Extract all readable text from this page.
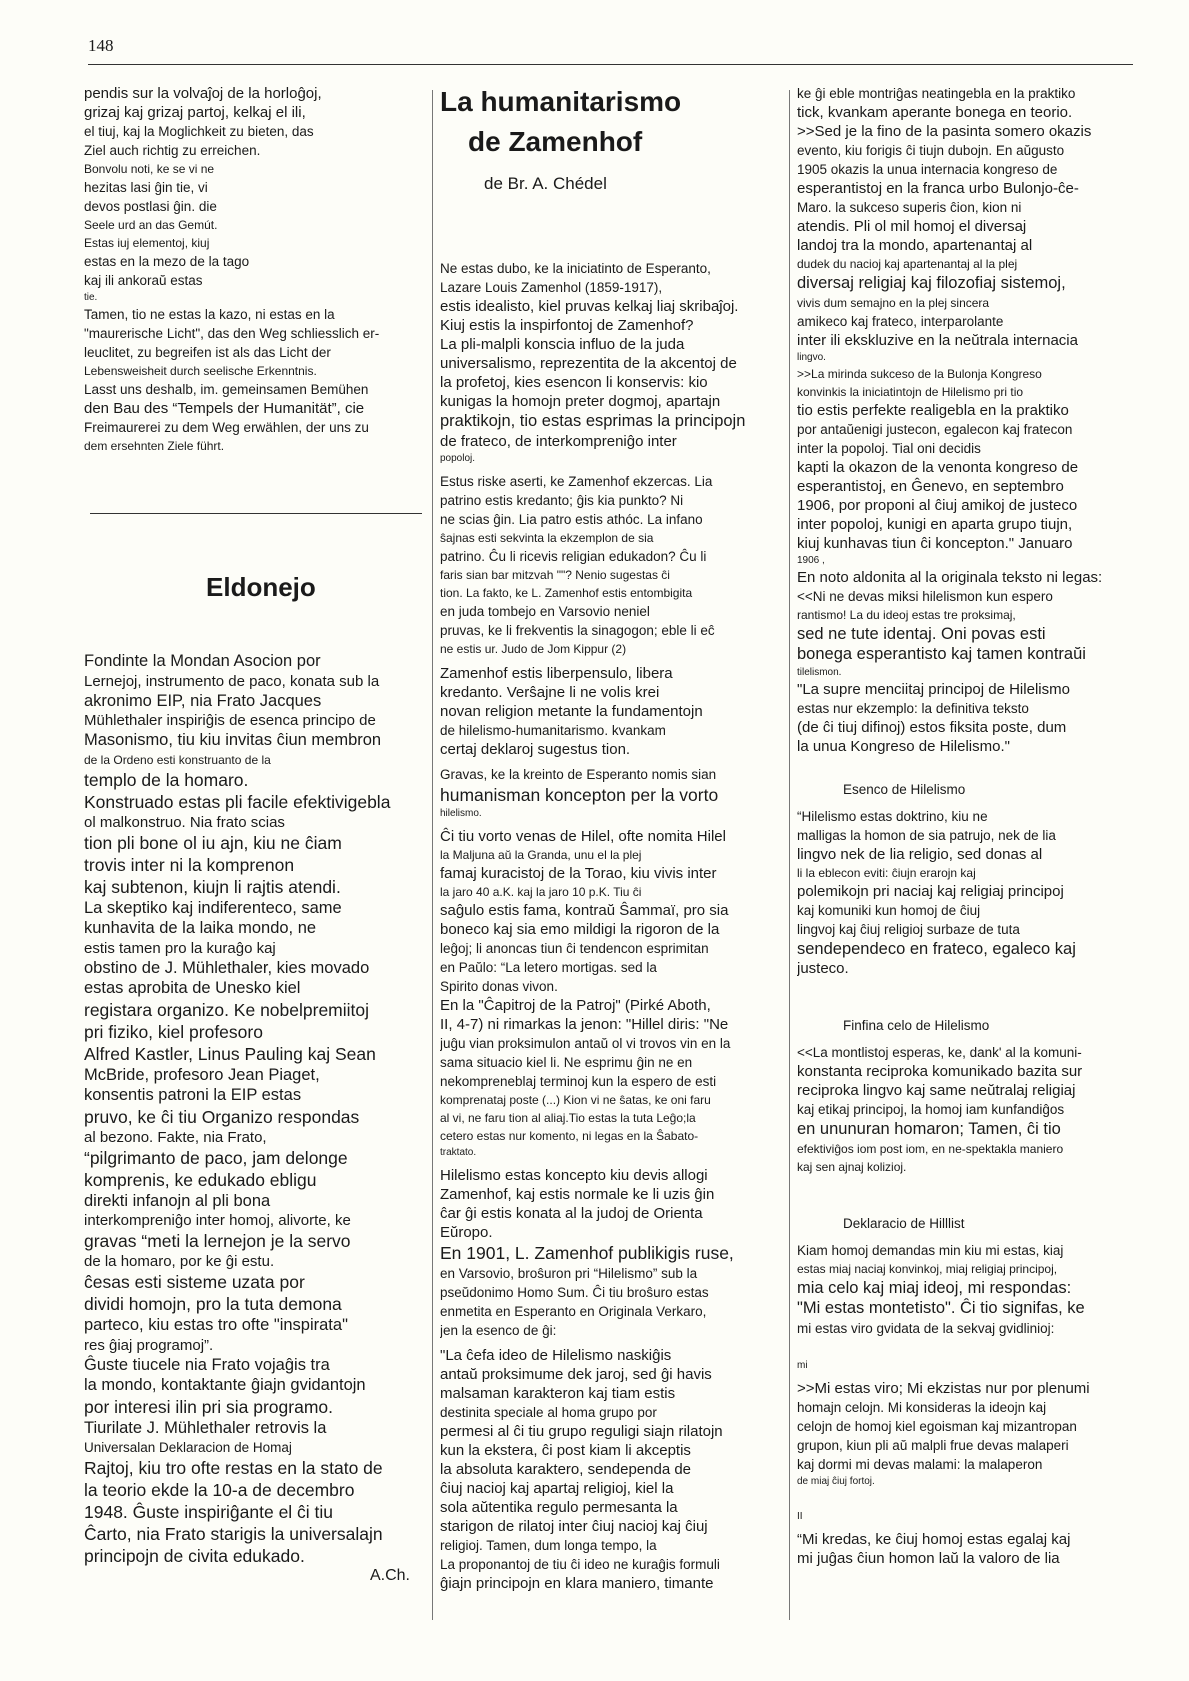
148

pendis sur la volvaĵoj de la horloĝoj,

grizaj kaj grizaj partoj, kelkaj el ili,

el tiuj, kaj la Moglichkeit zu bieten, das

Ziel auch richtig zu erreichen.

Bonvolu noti, ke se vi ne

hezitas lasi ĝin tie, vi

devos postlasi ĝin. die

Seele urd an das Gemút.

Estas iuj elementoj, kiuj

estas en la mezo de la tago

kaj ili ankoraŭ estas

tie.

Tamen, tio ne estas la kazo, ni estas en la

"maurerische Licht", das den Weg schliesslich er-

leuclitet, zu begreifen ist als das Licht der

Lebensweisheit durch seelische Erkenntnis.

Lasst uns deshalb, im. gemeinsamen Bemühen

den Bau des “Tempels der Humanität”, cie

Freimaurerei zu dem Weg erwählen, der uns zu

dem ersehnten Ziele führt.

Eldonejo

Fondinte la Mondan Asocion por

Lernejoj, instrumento de paco, konata sub la

akronimo EIP, nia Frato Jacques

Mühlethaler inspiriĝis de esenca principo de

Masonismo, tiu kiu invitas ĉiun membron

de la Ordeno esti konstruanto de la

templo de la homaro.

Konstruado estas pli facile efektivigebla

ol malkonstruo. Nia frato scias

tion pli bone ol iu ajn, kiu ne ĉiam

trovis inter ni la komprenon

kaj subtenon, kiujn li rajtis atendi.

La skeptiko kaj indiferenteco, same

kunhavita de la laika mondo, ne

estis tamen pro la kuraĝo kaj

obstino de J. Mühlethaler, kies movado

estas aprobita de Unesko kiel

registara organizo. Ke nobelpremiitoj

pri fiziko, kiel profesoro

Alfred Kastler, Linus Pauling kaj Sean

McBride, profesoro Jean Piaget,

konsentis patroni la EIP estas

pruvo, ke ĉi tiu Organizo respondas

al bezono. Fakte, nia Frato,

“pilgrimanto de paco, jam delonge

komprenis, ke edukado ebligu

direkti infanojn al pli bona

interkompreniĝo inter homoj, alivorte, ke

gravas “meti la lernejon je la servo

de la homaro, por ke ĝi estu.

ĉesas esti sisteme uzata por

dividi homojn, pro la tuta demona

parteco, kiu estas tro ofte "inspirata"

res ĝiaj programoj”.

Ĝuste tiucele nia Frato vojaĝis tra

la mondo, kontaktante ĝiajn gvidantojn

por interesi ilin pri sia programo.

Tiurilate J. Mühlethaler retrovis la

Universalan Deklaracion de Homaj

Rajtoj, kiu tro ofte restas en la stato de

la teorio ekde la 10-a de decembro

1948. Ĝuste inspiriĝante el ĉi tiu

Ĉarto, nia Frato starigis la universalajn

principojn de civita edukado.

A.Ch.

La humanitarismo
de Zamenhof

de Br. A. Chédel

Ne estas dubo, ke la iniciatinto de Esperanto,

Lazare Louis Zamenhol (1859-1917),

estis idealisto, kiel pruvas kelkaj liaj skribaĵoj.

Kiuj estis la inspirfontoj de Zamenhof?

La pli-malpli konscia influo de la juda

universalismo, reprezentita de la akcentoj de

la profetoj, kies esencon li konservis: kio

kunigas la homojn preter dogmoj, apartajn

praktikojn, tio estas esprimas la principojn

de frateco, de interkompreniĝo inter

popoloj.

Estus riske aserti, ke Zamenhof ekzercas. Lia

patrino estis kredanto; ĝis kia punkto? Ni

ne scias ĝin. Lia patro estis athóc. La infano

ŝajnas esti sekvinta la ekzemplon de sia

patrino. Ĉu li ricevis religian edukadon? Ĉu li

faris sian bar mitzvah ""? Nenio sugestas ĉi

tion. La fakto, ke L. Zamenhof estis entombigita

en juda tombejo en Varsovio neniel

pruvas, ke li frekventis la sinagogon; eble li eĉ

ne estis ur. Judo de Jom Kippur (2)

Zamenhof estis liberpensulo, libera

kredanto. Verŝajne li ne volis krei

novan religion metante la fundamentojn

de hilelismo-humanitarismo. kvankam

certaj deklaroj sugestus tion.

Gravas, ke la kreinto de Esperanto nomis sian

humanisman koncepton per la vorto

hilelismo.

Ĉi tiu vorto venas de Hilel, ofte nomita Hilel

la Maljuna aŭ la Granda, unu el la plej

famaj kuracistoj de la Torao, kiu vivis inter

la jaro 40 a.K. kaj la jaro 10 p.K. Tiu ĉi

saĝulo estis fama, kontraŭ Ŝammaï, pro sia

boneco kaj sia emo mildigi la rigoron de la

leĝoj; li anoncas tiun ĉi tendencon esprimitan

en Paŭlo: “La letero mortigas. sed la

Spirito donas vivon.

En la "Ĉapitroj de la Patroj" (Pirké Aboth,

II, 4-7) ni rimarkas la jenon: "Hillel diris: "Ne

juĝu vian proksimulon antaŭ ol vi trovos vin en la

sama situacio kiel li. Ne esprimu ĝin ne en

nekompreneblaj terminoj kun la espero de esti

komprenataj poste (...) Kion vi ne ŝatas, ke oni faru

al vi, ne faru tion al aliaj.Tio estas la tuta Leĝo;la

cetero estas nur komento, ni legas en la Ŝabato-

traktato.

Hilelismo estas koncepto kiu devis allogi

Zamenhof, kaj estis normale ke li uzis ĝin

ĉar ĝi estis konata al la judoj de Orienta

Eŭropo.

En 1901, L. Zamenhof publikigis ruse,

en Varsovio, broŝuron pri “Hilelismo” sub la

pseŭdonimo Homo Sum. Ĉi tiu broŝuro estas

enmetita en Esperanto en Originala Verkaro,

jen la esenco de ĝi:

"La ĉefa ideo de Hilelismo naskiĝis

antaŭ proksimume dek jaroj, sed ĝi havis

malsaman karakteron kaj tiam estis

destinita speciale al homa grupo por

permesi al ĉi tiu grupo reguligi siajn rilatojn

kun la ekstera, ĉi post kiam li akceptis

la absoluta karaktero, sendependa de

ĉiuj nacioj kaj apartaj religioj, kiel la

sola aŭtentika regulo permesanta la

starigon de rilatoj inter ĉiuj nacioj kaj ĉiuj

religioj. Tamen, dum longa tempo, la

La proponantoj de tiu ĉi ideo ne kuraĝis formuli

ĝiajn principojn en klara maniero, timante

ke ĝi eble montriĝas neatingebla en la praktiko

tick, kvankam aperante bonega en teorio.

>>Sed je la fino de la pasinta somero okazis

evento, kiu forigis ĉi tiujn dubojn. En aŭgusto

1905 okazis la unua internacia kongreso de

esperantistoj en la franca urbo Bulonjo-ĉe-

Maro. la sukceso superis ĉion, kion ni

atendis. Pli ol mil homoj el diversaj

landoj tra la mondo, apartenantaj al

dudek du nacioj kaj apartenantaj al la plej

diversaj religiaj kaj filozofiaj sistemoj,

vivis dum semajno en la plej sincera

amikeco kaj frateco, interparolante

inter ili ekskluzive en la neŭtrala internacia

lingvo.

>>La mirinda sukceso de la Bulonja Kongreso

konvinkis la iniciatintojn de Hilelismo pri tio

tio estis perfekte realigebla en la praktiko

por antaŭenigi justecon, egalecon kaj fratecon

inter la popoloj. Tial oni decidis

kapti la okazon de la venonta kongreso de

esperantistoj, en Ĝenevo, en septembro

1906, por proponi al ĉiuj amikoj de justeco

inter popoloj, kunigi en aparta grupo tiujn,

kiuj kunhavas tiun ĉi koncepton." Januaro

1906 ,

En noto aldonita al la originala teksto ni legas:

<<Ni ne devas miksi hilelismon kun espero

rantismo! La du ideoj estas tre proksimaj,

sed ne tute identaj. Oni povas esti

bonega esperantisto kaj tamen kontraŭi

tilelismon.

"La supre menciitaj principoj de Hilelismo

estas nur ekzemplo: la definitiva teksto

(de ĉi tiuj difinoj) estos fiksita poste, dum

la unua Kongreso de Hilelismo."

Esenco de Hilelismo

“Hilelismo estas doktrino, kiu ne

malligas la homon de sia patrujo, nek de lia

lingvo nek de lia religio, sed donas al

li la eblecon eviti: ĉiujn erarojn kaj

polemikojn pri naciaj kaj religiaj principoj

kaj komuniki kun homoj de ĉiuj

lingvoj kaj ĉiuj religioj surbaze de tuta

sendependeco en frateco, egaleco kaj

justeco.

Finfina celo de Hilelismo

<<La montlistoj esperas, ke, dank' al la komuni-

konstanta reciproka komunikado bazita sur

reciproka lingvo kaj same neŭtralaj religiaj

kaj etikaj principoj, la homoj iam kunfandiĝos

en ununuran homaron; Tamen, ĉi tio

efektiviĝos iom post iom, en ne-spektakla maniero

kaj sen ajnaj kolizioj.

Deklaracio de Hilllist

Kiam homoj demandas min kiu mi estas, kiaj

estas miaj naciaj konvinkoj, miaj religiaj principoj,

mia celo kaj miaj ideoj, mi respondas:

"Mi estas montetisto". Ĉi tio signifas, ke

mi estas viro gvidata de la sekvaj gvidlinioj:

mi

>>Mi estas viro; Mi ekzistas nur por plenumi

homajn celojn. Mi konsideras la ideojn kaj

celojn de homoj kiel egoisman kaj mizantropan

grupon, kiun pli aŭ malpli frue devas malaperi

kaj dormi mi devas malami: la malaperon

de miaj ĉiuj fortoj.

II

“Mi kredas, ke ĉiuj homoj estas egalaj kaj

mi juĝas ĉiun homon laŭ la valoro de lia
